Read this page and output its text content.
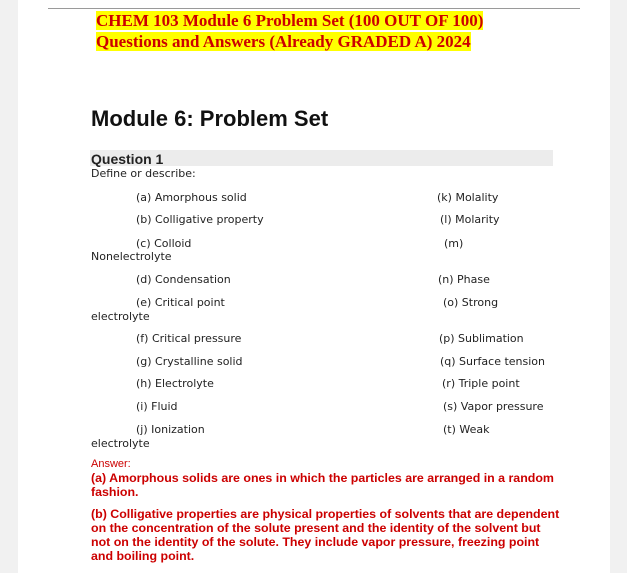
CHEM 103 Module 6 Problem Set (100 OUT OF 100) Questions and Answers (Already GRADED A) 2024
Module 6: Problem Set
Question 1
Define or describe:
(a) Amorphous solid
(b) Colligative property
(c) Colloid
Nonelectrolyte
(d) Condensation
(e) Critical point
electrolyte
(f) Critical pressure
(g) Crystalline solid
(h) Electrolyte
(i) Fluid
(j) Ionization
electrolyte
(k) Molality
(l) Molarity
(m)
(n) Phase
(o) Strong
(p) Sublimation
(q) Surface tension
(r) Triple point
(s) Vapor pressure
(t) Weak
Answer:
(a) Amorphous solids are ones in which the particles are arranged in a random fashion.
(b) Colligative properties are physical properties of solvents that are dependent on the concentration of the solute present and the identity of the solvent but not on the identity of the solute. They include vapor pressure, freezing point and boiling point.
